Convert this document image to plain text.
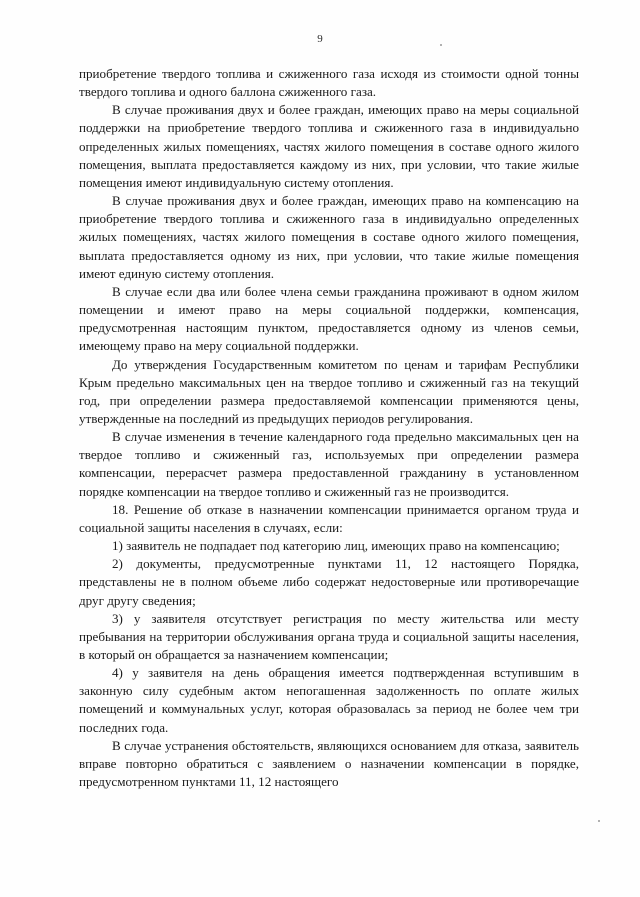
9

приобретение твердого топлива и сжиженного газа исходя из стоимости одной тонны твердого топлива и одного баллона сжиженного газа.

В случае проживания двух и более граждан, имеющих право на меры социальной поддержки на приобретение твердого топлива и сжиженного газа в индивидуально определенных жилых помещениях, частях жилого помещения в составе одного жилого помещения, выплата предоставляется каждому из них, при условии, что такие жилые помещения имеют индивидуальную систему отопления.

В случае проживания двух и более граждан, имеющих право на компенсацию на приобретение твердого топлива и сжиженного газа в индивидуально определенных жилых помещениях, частях жилого помещения в составе одного жилого помещения, выплата предоставляется одному из них, при условии, что такие жилые помещения имеют единую систему отопления.

В случае если два или более члена семьи гражданина проживают в одном жилом помещении и имеют право на меры социальной поддержки, компенсация, предусмотренная настоящим пунктом, предоставляется одному из членов семьи, имеющему право на меру социальной поддержки.

До утверждения Государственным комитетом по ценам и тарифам Республики Крым предельно максимальных цен на твердое топливо и сжиженный газ на текущий год, при определении размера предоставляемой компенсации применяются цены, утвержденные на последний из предыдущих периодов регулирования.

В случае изменения в течение календарного года предельно максимальных цен на твердое топливо и сжиженный газ, используемых при определении размера компенсации, перерасчет размера предоставленной гражданину в установленном порядке компенсации на твердое топливо и сжиженный газ не производится.

18. Решение об отказе в назначении компенсации принимается органом труда и социальной защиты населения в случаях, если:

1) заявитель не подпадает под категорию лиц, имеющих право на компенсацию;

2) документы, предусмотренные пунктами 11, 12 настоящего Порядка, представлены не в полном объеме либо содержат недостоверные или противоречащие друг другу сведения;

3) у заявителя отсутствует регистрация по месту жительства или месту пребывания на территории обслуживания органа труда и социальной защиты населения, в который он обращается за назначением компенсации;

4) у заявителя на день обращения имеется подтвержденная вступившим в законную силу судебным актом непогашенная задолженность по оплате жилых помещений и коммунальных услуг, которая образовалась за период не более чем три последних года.

В случае устранения обстоятельств, являющихся основанием для отказа, заявитель вправе повторно обратиться с заявлением о назначении компенсации в порядке, предусмотренном пунктами 11, 12 настоящего
